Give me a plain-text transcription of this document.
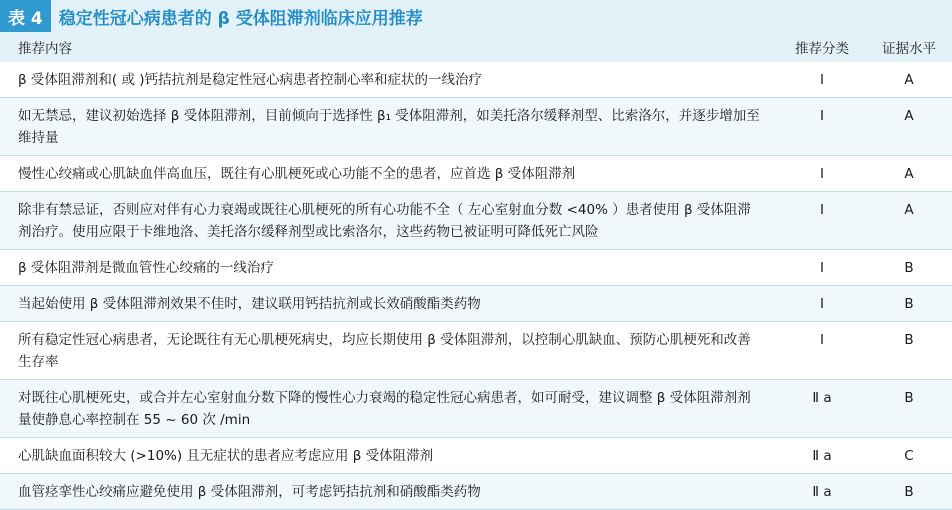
表 4 稳定性冠心病患者的 β 受体阻滞剂临床应用推荐
推荐内容	推荐分类	证据水平
β 受体阻滞剂和( 或 )钙拮抗剂是稳定性冠心病患者控制心率和症状的一线治疗	I	A
如无禁忌，建议初始选择 β 受体阻滞剂，目前倾向于选择性 β₁ 受体阻滞剂，如美托洛尔缓释剂型、比索洛尔，并逐步增加至维持量	I	A
慢性心绞痛或心肌缺血伴高血压，既往有心肌梗死或心功能不全的患者，应首选 β 受体阻滞剂	I	A
除非有禁忌证，否则应对伴有心力衰竭或既往心肌梗死的所有心功能不全（ 左心室射血分数 <40% ）患者使用 β 受体阻滞剂治疗。使用应限于卡维地洛、美托洛尔缓释剂型或比索洛尔，这些药物已被证明可降低死亡风险	I	A
β 受体阻滞剂是微血管性心绞痛的一线治疗	I	B
当起始使用 β 受体阻滞剂效果不佳时，建议联用钙拮抗剂或长效硝酸酯类药物	I	B
所有稳定性冠心病患者，无论既往有无心肌梗死病史，均应长期使用 β 受体阻滞剂，以控制心肌缺血、预防心肌梗死和改善生存率	I	B
对既往心肌梗死史，或合并左心室射血分数下降的慢性心力衰竭的稳定性冠心病患者，如可耐受，建议调整 β 受体阻滞剂剂量使静息心率控制在 55 ~ 60 次 /min	Ⅱ a	B
心肌缺血面积较大 (>10%) 且无症状的患者应考虑应用 β 受体阻滞剂	Ⅱ a	C
血管痉挛性心绞痛应避免使用 β 受体阻滞剂，可考虑钙拮抗剂和硝酸酯类药物	Ⅱ a	B
